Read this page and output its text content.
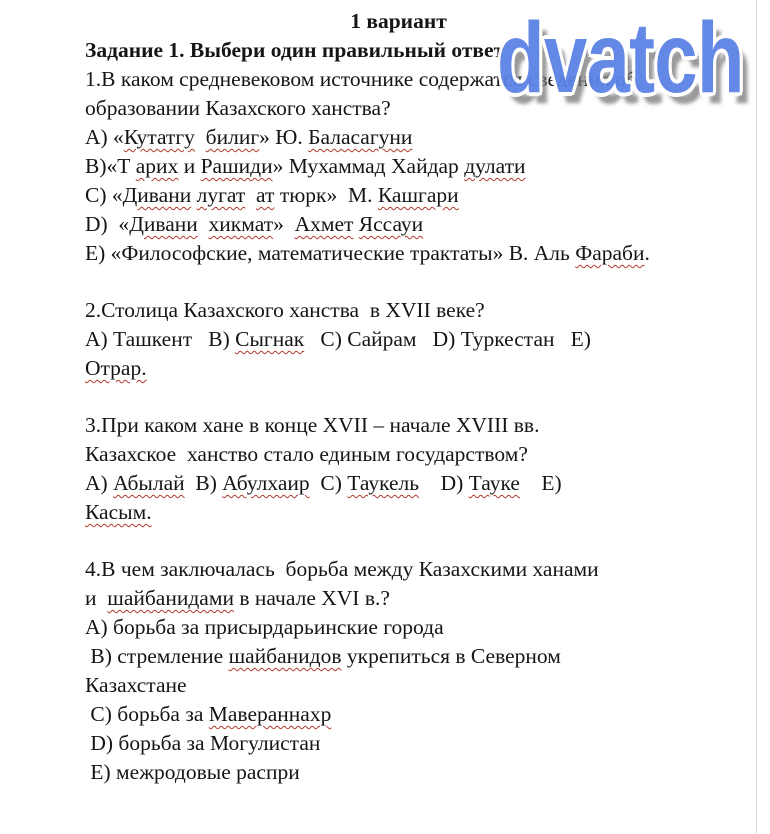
1 вариант
Задание 1. Выбери один правильный ответ
1.В каком средневековом источнике содержатся сведения об
образовании Казахского ханства?
A) «Кутатгу билиг» Ю. Баласагуни
B)«Т арих и Рашиди» Мухаммад Хайдар дулати
C) «Дивани лугат ат тюрк»  М. Кашгари
D)  «Дивани хикмат»  Ахмет Яссауи
E) «Философские, математические трактаты» В. Аль Фараби.
2.Столица Казахского ханства  в XVII веке?
A) Ташкент   B) Сыгнак   C) Сайрам   D) Туркестан   E)
Отрар.
3.При каком хане в конце XVII – начале XVIII вв.
Казахское  ханство стало единым государством?
A) Абылай  B) Абулхаир  C) Таукель    D) Тауке    E)
Касым.
4.В чем заключалась  борьба между Казахскими ханами
и  шайбанидами в начале XVI в.?
A) борьба за присырдарьинские города
B) стремление шайбанидов укрепиться в Северном
Казахстане
C) борьба за Мавераннахр
D) борьба за Могулистан
E) межродовые распри
dvatch
